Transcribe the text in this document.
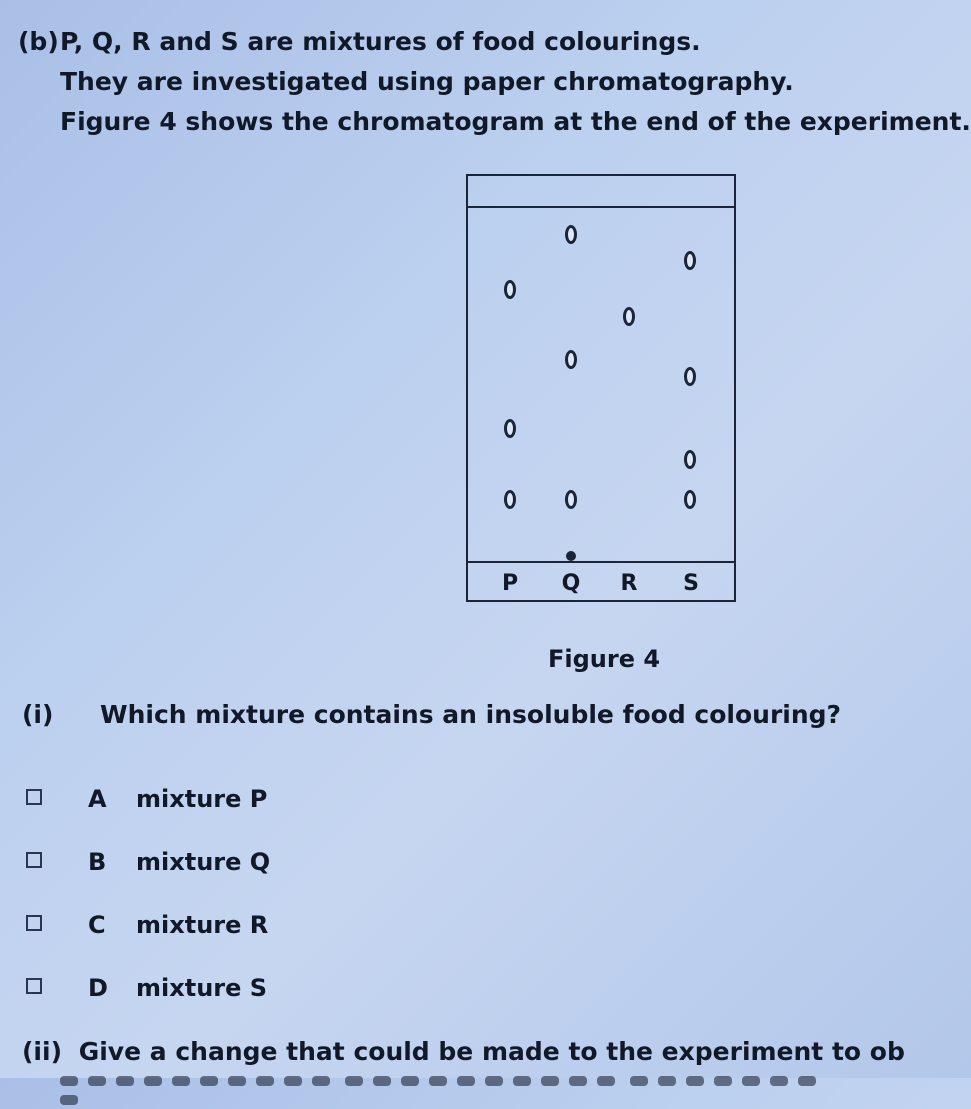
(b) P, Q, R and S are mixtures of food colourings.
They are investigated using paper chromatography.
Figure 4 shows the chromatogram at the end of the experiment.
P Q R S
Figure 4
(i) Which mixture contains an insoluble food colouring?
A mixture P
B mixture Q
C mixture R
D mixture S
(ii) Give a change that could be made to the experiment to ob
